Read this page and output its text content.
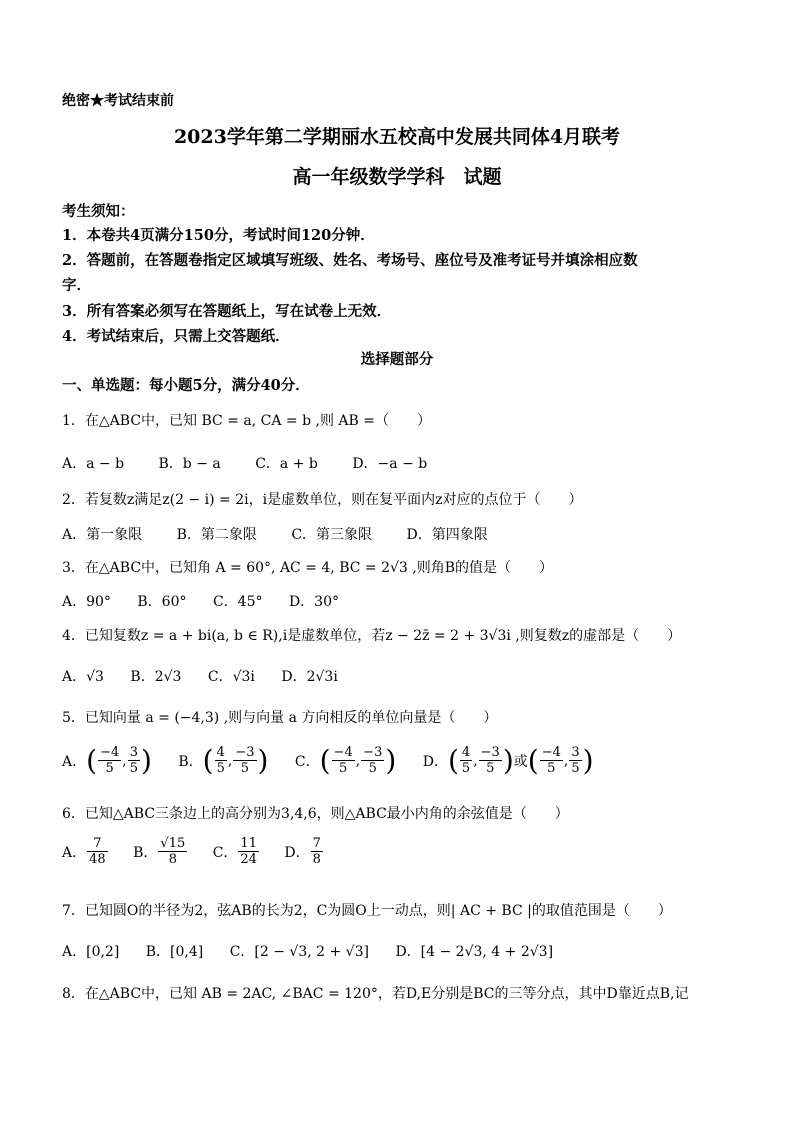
绝密★考试结束前
2023学年第二学期丽水五校高中发展共同体4月联考
高一年级数学学科　试题
考生须知：
1．本卷共4页满分150分，考试时间120分钟．
2．答题前，在答题卷指定区域填写班级、姓名、考场号、座位号及准考证号并填涂相应数
字．
3．所有答案必须写在答题纸上，写在试卷上无效．
4．考试结束后，只需上交答题纸．
选择题部分
一、单选题：每小题5分，满分40分．
1．在△ABC中，已知 BC = a, CA = b ,则 AB =（　　）
A．a − b B．b − a C．a + b D．−a − b
2．若复数z满足z(2 − i) = 2i，i是虚数单位，则在复平面内z对应的点位于（　　）
A．第一象限 B．第二象限 C．第三象限 D．第四象限
3．在△ABC中，已知角 A = 60°, AC = 4, BC = 2√3 ,则角B的值是（　　）
A．90° B．60° C．45° D．30°
4．已知复数z = a + bi(a, b ∈ R),i是虚数单位，若z − 2z̄ = 2 + 3√3i ,则复数z的虚部是（　　）
A．√3 B．2√3 C．√3i D．2√3i
5．已知向量 a = (−4,3) ,则与向量 a 方向相反的单位向量是（　　）
A． ( $\frac{-4}{5}$ , $\frac{3}{5}$ )
B． ( $\frac{4}{5}$ , $\frac{-3}{5}$ )
C． ( $\frac{-4}{5}$ , $\frac{-3}{5}$ )
D． ( $\frac{4}{5}$ , $\frac{-3}{5}$ ) 或 ( $\frac{-4}{5}$ , $\frac{3}{5}$ )
6．已知△ABC三条边上的高分别为3,4,6，则△ABC最小内角的余弦值是（　　）
A． $\frac{7}{48}$
B． $\frac{√15}{8}$
C． $\frac{11}{24}$
D． $\frac{7}{8}$
7．已知圆O的半径为2，弦AB的长为2，C为圆O上一动点，则| AC + BC |的取值范围是（　　）
A．[0,2] B．[0,4] C．[2 − √3, 2 + √3] D．[4 − 2√3, 4 + 2√3]
8．在△ABC中，已知 AB = 2AC, ∠BAC = 120°，若D,E分别是BC的三等分点，其中D靠近点B,记
